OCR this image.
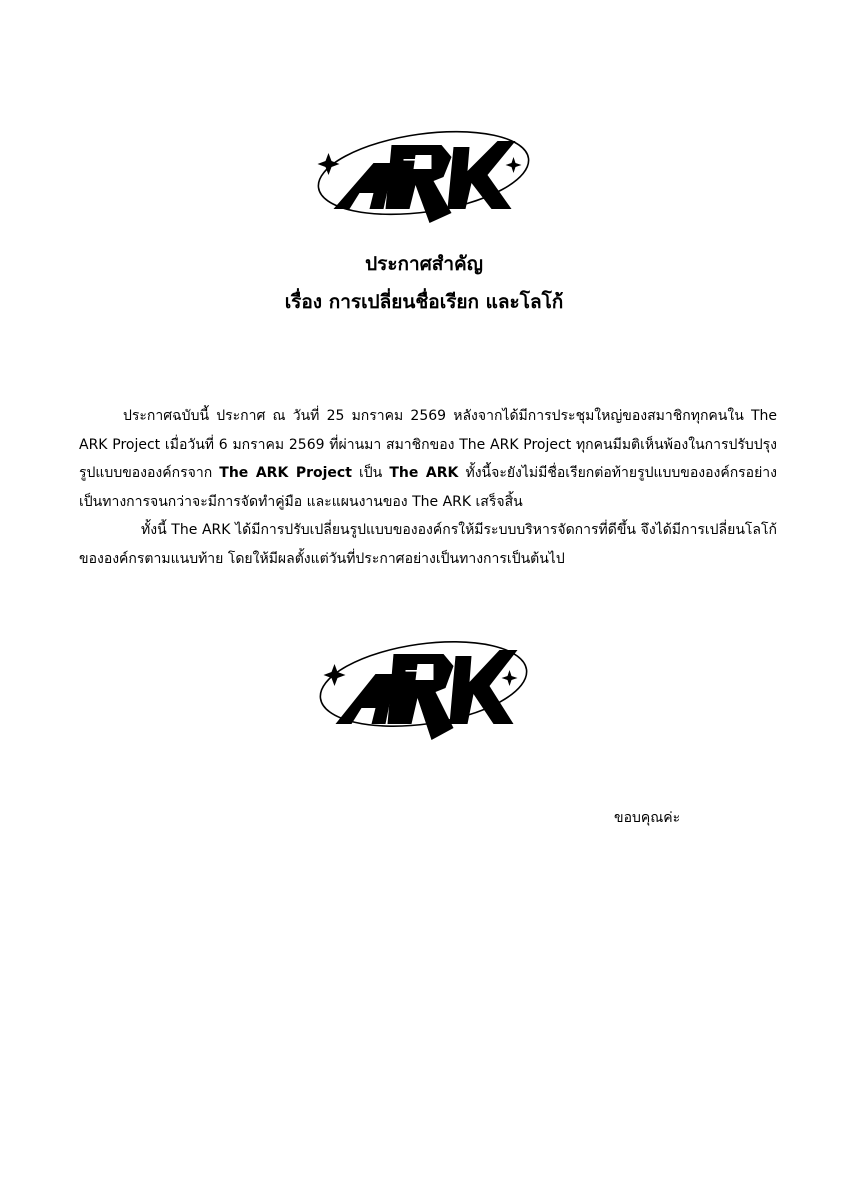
ประกาศสำคัญ

เรื่อง การเปลี่ยนชื่อเรียก และโลโก้

ประกาศฉบับนี้ ประกาศ ณ วันที่ 25 มกราคม 2569 หลังจากได้มีการประชุมใหญ่ของสมาชิกทุกคนใน The ARK Project เมื่อวันที่ 6 มกราคม 2569 ที่ผ่านมา สมาชิกของ The ARK Project ทุกคนมีมติเห็นพ้องในการปรับปรุงรูปแบบขององค์กรจาก The ARK Project เป็น The ARK ทั้งนี้จะยังไม่มีชื่อเรียกต่อท้ายรูปแบบขององค์กรอย่างเป็นทางการจนกว่าจะมีการจัดทำคู่มือ และแผนงานของ The ARK เสร็จสิ้น

ทั้งนี้ The ARK ได้มีการปรับเปลี่ยนรูปแบบขององค์กรให้มีระบบบริหารจัดการที่ดีขึ้น จึงได้มีการเปลี่ยนโลโก้ขององค์กรตามแนบท้าย โดยให้มีผลตั้งแต่วันที่ประกาศอย่างเป็นทางการเป็นต้นไป

ขอบคุณค่ะ
